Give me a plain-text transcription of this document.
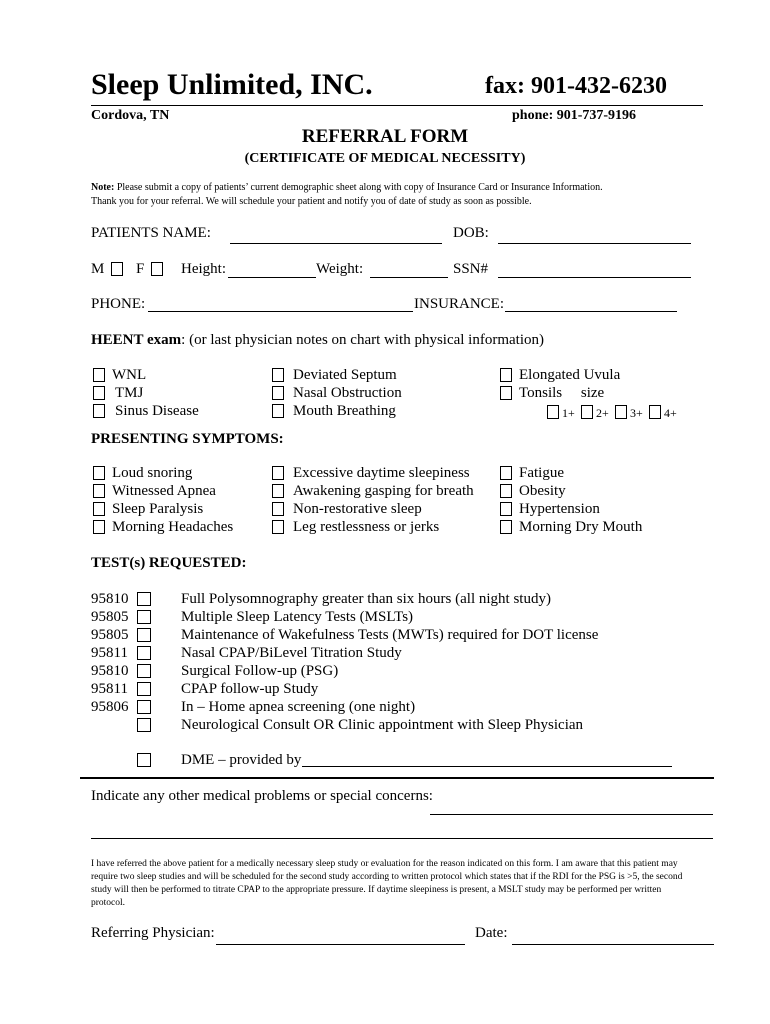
Sleep Unlimited, INC.	fax: 901-432-6230
Cordova, TN	phone: 901-737-9196
REFERRAL FORM
(CERTIFICATE OF MEDICAL NECESSITY)
Note: Please submit a copy of patients’ current demographic sheet along with copy of Insurance Card or Insurance Information.
Thank you for your referral. We will schedule your patient and notify you of date of study as soon as possible.
PATIENTS NAME:	DOB:
M F Height:	Weight:	SSN#
PHONE:	INSURANCE:
HEENT exam: (or last physician notes on chart with physical information)
WNL
TMJ
Sinus Disease
Deviated Septum
Nasal Obstruction
Mouth Breathing
Elongated Uvula
Tonsils     size
1+ 2+ 3+ 4+
PRESENTING SYMPTOMS:
Loud snoring
Witnessed Apnea
Sleep Paralysis
Morning Headaches
Excessive daytime sleepiness
Awakening gasping for breath
Non-restorative sleep
Leg restlessness or jerks
Fatigue
Obesity
Hypertension
Morning Dry Mouth
TEST(s) REQUESTED:
95810	Full Polysomnography greater than six hours (all night study)
95805	Multiple Sleep Latency Tests (MSLTs)
95805	Maintenance of Wakefulness Tests (MWTs) required for DOT license
95811	Nasal CPAP/BiLevel Titration Study
95810	Surgical Follow-up (PSG)
95811	CPAP follow-up Study
95806	In – Home apnea screening (one night)
Neurological Consult OR Clinic appointment with Sleep Physician
DME – provided by
Indicate any other medical problems or special concerns:
I have referred the above patient for a medically necessary sleep study or evaluation for the reason indicated on this form. I am aware that this patient may require two sleep studies and will be scheduled for the second study according to written protocol which states that if the RDI for the PSG is >5, the second study will then be performed to titrate CPAP to the appropriate pressure. If daytime sleepiness is present, a MSLT study may be performed per written protocol.
Referring Physician:	Date:
